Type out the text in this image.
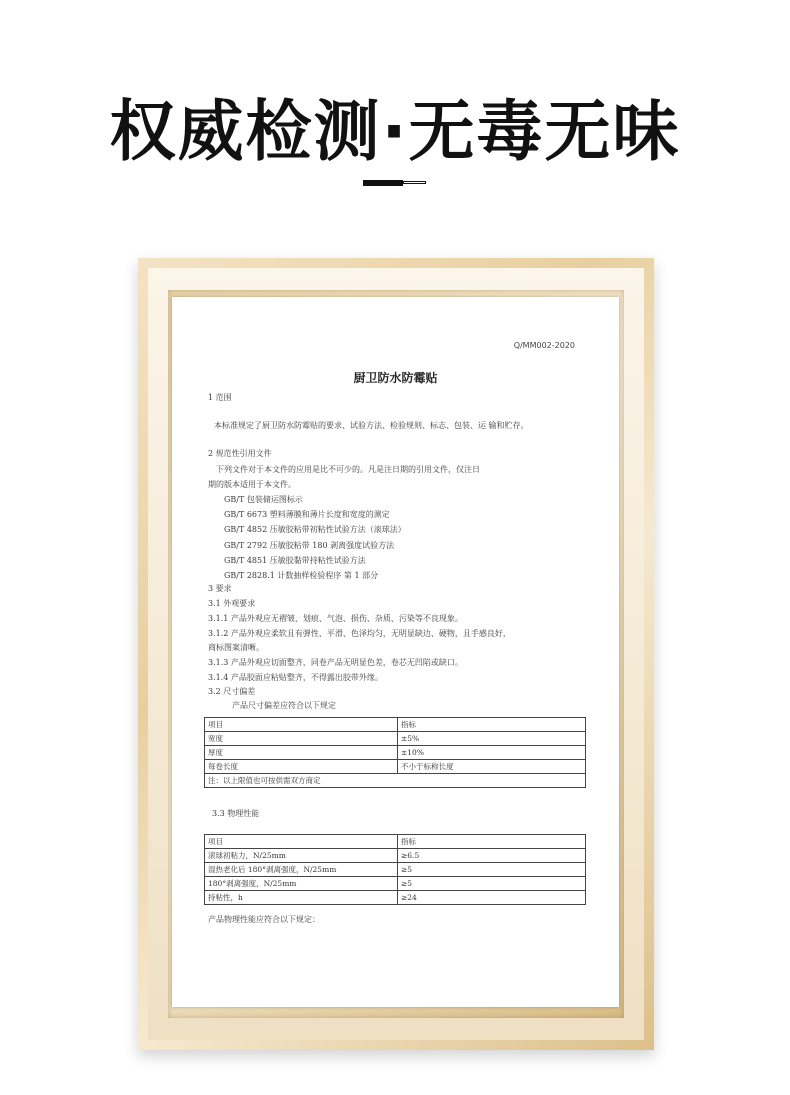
权威检测·无毒无味
Q/MM002-2020
厨卫防水防霉贴
1 范围
本标准规定了厨卫防水防霉贴的要求、试验方法、检验规则、标志、包装、运 输和贮存。
2 规范性引用文件
下列文件对于本文件的应用是比不可少的。凡是注日期的引用文件，仅注日
期的版本适用于本文件。
GB/T 包装储运图标示
GB/T 6673 塑料薄膜和薄片长度和宽度的测定
GB/T 4852 压敏胶粘带初粘性试验方法（滚球法）
GB/T 2792 压敏胶粘带 180 剥离强度试验方法
GB/T 4851 压敏胶黏带持粘性试验方法
GB/T 2828.1 计数抽样检验程序 第 1 部分
3 要求
3.1 外观要求
3.1.1 产品外观应无褶皱、划痕、气泡、损伤、杂质、污染等不良现象。
3.1.2 产品外观应柔软且有弹性、平滑、色泽均匀，无明显缺边、硬物，且手感良好，
商标图案清晰。
3.1.3 产品外观应切面整齐，同卷产品无明显色差，卷芯无凹陷或缺口。
3.1.4 产品胶面应粘贴整齐，不得露出胶带外缘。
3.2 尺寸偏差
产品尺寸偏差应符合以下规定
项目	指标
宽度	±5%
厚度	±10%
每卷长度	不小于标称长度
注：以上限值也可按供需双方商定	
3.3 物理性能
项目	指标
滚球初粘力，N/25mm	≥6.5
湿热老化后 180°剥离强度，N/25mm	≥5
180°剥离强度，N/25mm	≥5
持粘性，h	≥24
产品物理性能应符合以下规定：
